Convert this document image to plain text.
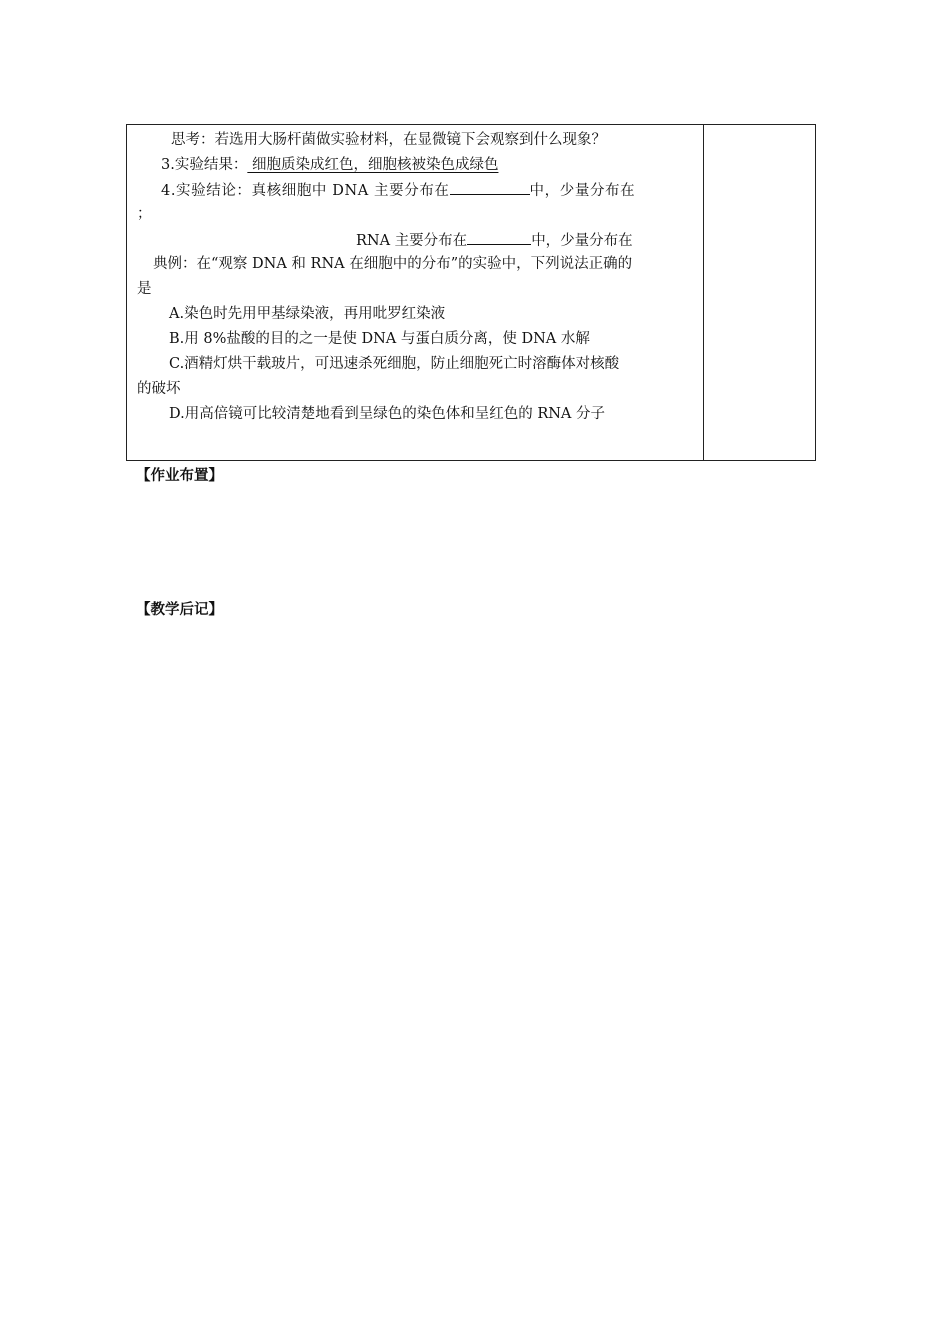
思考：若选用大肠杆菌做实验材料，在显微镜下会观察到什么现象？
3.实验结果： 细胞质染成红色，细胞核被染色成绿色
4.实验结论：真核细胞中 DNA 主要分布在	中，少量分布在
；
RNA 主要分布在	中，少量分布在
典例：在“观察 DNA 和 RNA 在细胞中的分布”的实验中，下列说法正确的
是
A.染色时先用甲基绿染液，再用吡罗红染液
B.用 8%盐酸的目的之一是使 DNA 与蛋白质分离，使 DNA 水解
C.酒精灯烘干载玻片，可迅速杀死细胞，防止细胞死亡时溶酶体对核酸
的破坏
D.用高倍镜可比较清楚地看到呈绿色的染色体和呈红色的 RNA 分子
【作业布置】
【教学后记】
